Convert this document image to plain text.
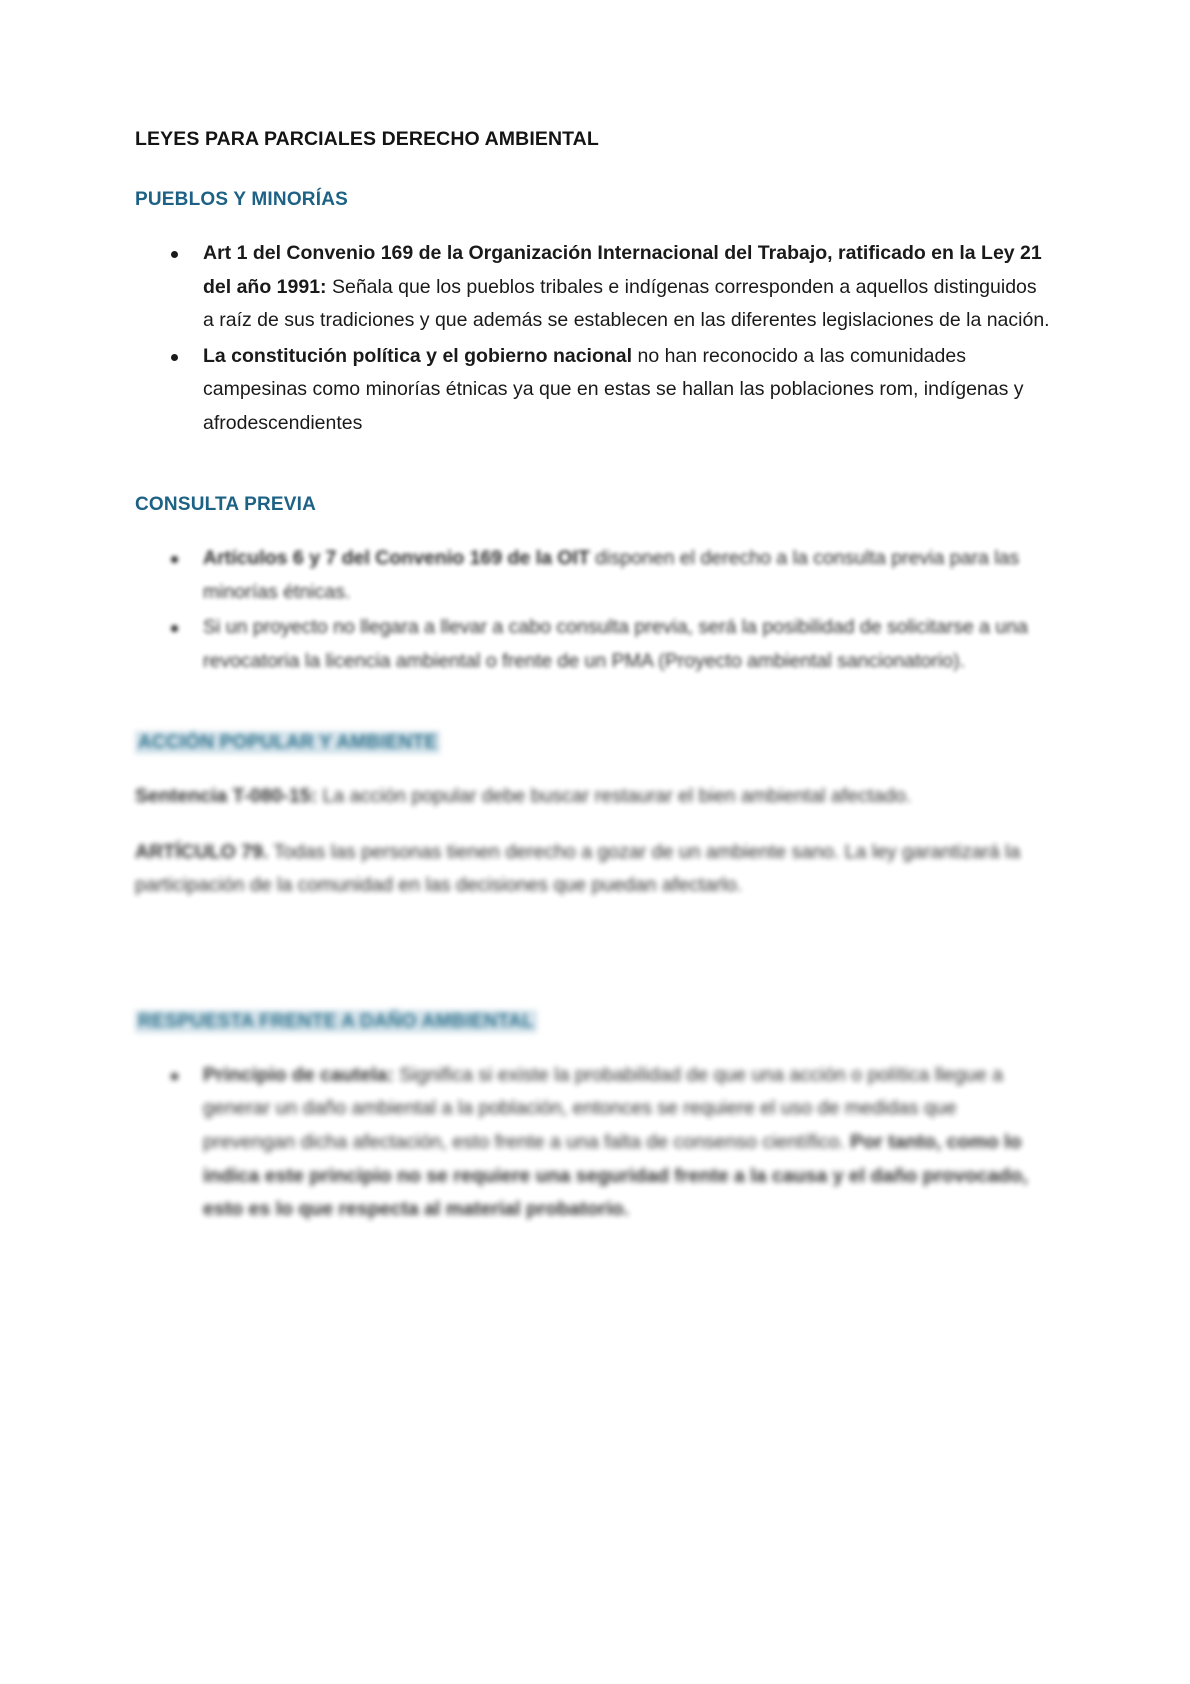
LEYES PARA PARCIALES DERECHO AMBIENTAL
PUEBLOS Y MINORÍAS
Art 1 del Convenio 169 de la Organización Internacional del Trabajo, ratificado en la Ley 21 del año 1991: Señala que los pueblos tribales e indígenas corresponden a aquellos distinguidos a raíz de sus tradiciones y que además se establecen en las diferentes legislaciones de la nación.
La constitución política y el gobierno nacional no han reconocido a las comunidades campesinas como minorías étnicas ya que en estas se hallan las poblaciones rom, indígenas y afrodescendientes
CONSULTA PREVIA
Artículos 6 y 7 del Convenio 169 de la OIT disponen el derecho a la consulta previa para las minorías étnicas.
Si un proyecto no llegara a llevar a cabo consulta previa, será la posibilidad de solicitarse a una revocatoria la licencia ambiental o frente de un PMA (Proyecto ambiental sancionatorio).
ACCIÓN POPULAR Y AMBIENTE

Sentencia T-080-15: La acción popular debe buscar restaurar el bien ambiental afectado.

ARTÍCULO 79. Todas las personas tienen derecho a gozar de un ambiente sano. La ley garantizará la participación de la comunidad en las decisiones que puedan afectarlo.

RESPUESTA FRENTE A DAÑO AMBIENTAL
Principio de cautela: Significa si existe la probabilidad de que una acción o política llegue a generar un daño ambiental a la población, entonces se requiere el uso de medidas que prevengan dicha afectación, esto frente a una falta de consenso científico. Por tanto, como lo indica este principio no se requiere una seguridad frente a la causa y el daño provocado, esto es lo que respecta al material probatorio.
